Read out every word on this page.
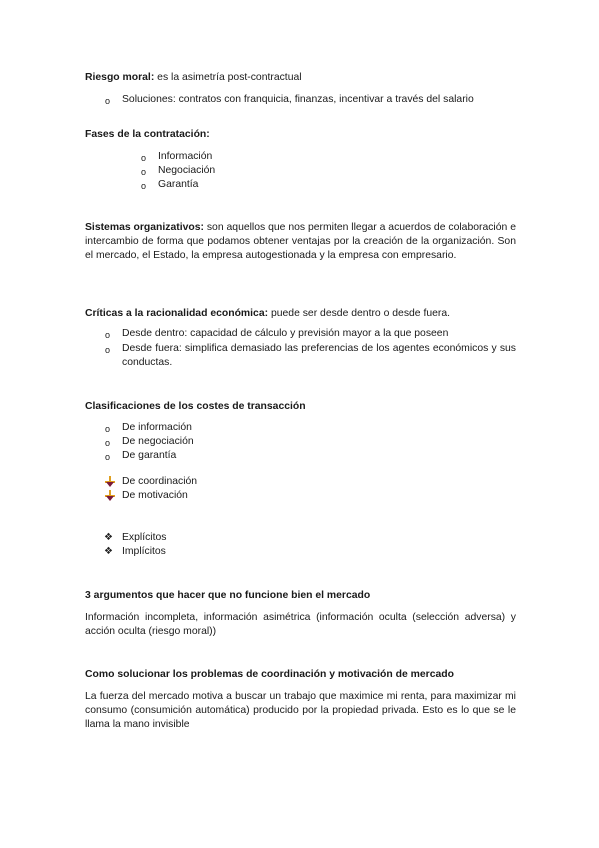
Riesgo moral: es la asimetría post-contractual
o Soluciones: contratos con franquicia, finanzas, incentivar a través del salario
Fases de la contratación:
o Información
o Negociación
o Garantía
Sistemas organizativos: son aquellos que nos permiten llegar a acuerdos de colaboración e intercambio de forma que podamos obtener ventajas por la creación de la organización. Son el mercado, el Estado, la empresa autogestionada y la empresa con empresario.
Críticas a la racionalidad económica: puede ser desde dentro o desde fuera.
o Desde dentro: capacidad de cálculo y previsión mayor a la que poseen
o Desde fuera: simplifica demasiado las preferencias de los agentes económicos y sus conductas.
Clasificaciones de los costes de transacción
o De información
o De negociación
o De garantía
De coordinación
De motivación
❖ Explícitos
❖ Implícitos
3 argumentos que hacer que no funcione bien el mercado
Información incompleta, información asimétrica (información oculta (selección adversa) y acción oculta (riesgo moral))
Como solucionar los problemas de coordinación y motivación de mercado
La fuerza del mercado motiva a buscar un trabajo que maximice mi renta, para maximizar mi consumo (consumición automática) producido por la propiedad privada. Esto es lo que se le llama la mano invisible
